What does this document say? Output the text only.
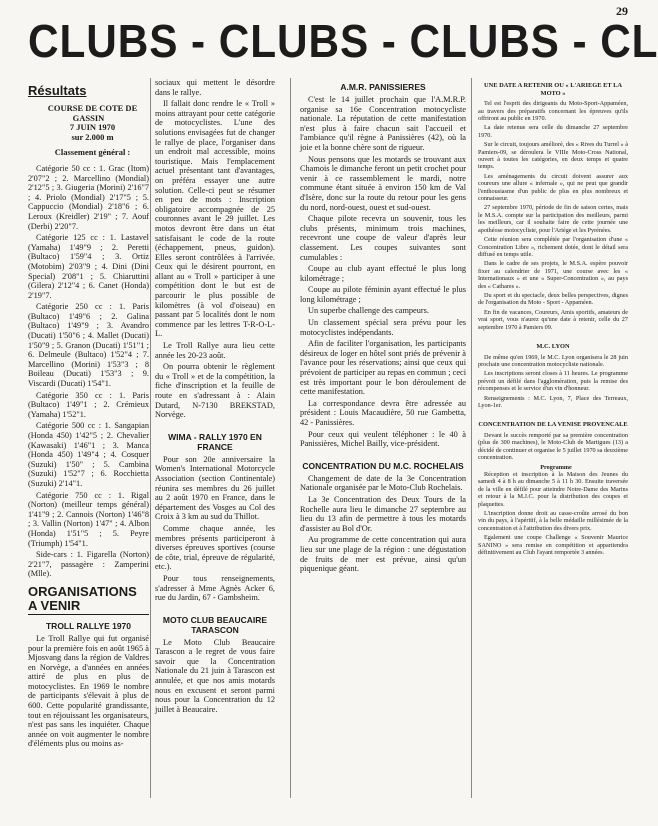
29
CLUBS - CLUBS - CLUBS - CL
Résultats

COURSE DE COTE DE GASSIN

7 JUIN 1970

sur 2.000 m

Classement général :

Catégorie 50 cc : 1. Grac (Itom) 2'07"2 ; 2. Marcellino (Mondial) 2'12"5 ; 3. Giugeria (Morini) 2'16"7 ; 4. Priolo (Mondial) 2'17"5 ; 5. Cappuccio (Mondial) 2'18"6 ; 6. Leroux (Kreidler) 2'19" ; 7. Aouf (Derbi) 2'20"7.

Catégorie 125 cc : 1. Lastavel (Yamaha) 1'49"9 ; 2. Peretti (Bultaco) 1'59"4 ; 3. Ortiz (Motobim) 2'03"9 ; 4. Dini (Dini Special) 2'08"1 ; 5. Chiaruttini (Gilera) 2'12"4 ; 6. Canet (Honda) 2'19"7.

Catégorie 250 cc : 1. Paris (Bultaco) 1'49"6 ; 2. Galina (Bultaco) 1'49"9 ; 3. Avandro (Ducati) 1'50"6 ; 4. Mallet (Ducati) 1'50"9 ; 5. Granon (Ducati) 1'51"1 ; 6. Delmeule (Bultaco) 1'52"4 ; 7. Marcellino (Morini) 1'53"3 ; 8 Boileau (Ducati) 1'53"3 ; 9. Viscardi (Ducati) 1'54"1.

Catégorie 350 cc : 1. Paris (Bultaco) 1'49"1 ; 2. Crémieux (Yamaha) 1'52"1.

Catégorie 500 cc : 1. Sangapian (Honda 450) 1'42"5 ; 2. Chevalier (Kawasaki) 1'46"1 ; 3. Manca (Honda 450) 1'49"4 ; 4. Cosquer (Suzuki) 1'50" ; 5. Cambina (Suzuki) 1'52"7 ; 6. Rocchietta (Suzuki) 2'14"1.

Catégorie 750 cc : 1. Rigal (Norton) (meilleur temps général) 1'41"9 ; 2. Cannois (Norton) 1'46"8 ; 3. Vallin (Norton) 1'47" ; 4. Albon (Honda) 1'51"5 ; 5. Peyre (Triumph) 1'54"1.

Side-cars : 1. Figarella (Norton) 2'21"7, passagère : Zamperini (Mlle).

ORGANISATIONS A VENIR
TROLL RALLYE 1970

Le Troll Rallye qui fut organisé pour la première fois en août 1965 à Mjosvang dans la région de Valdres en Norvège, a d'années en années attiré de plus en plus de motocyclistes. En 1969 le nombre de participants s'élevait à plus de 600. Cette popularité grandissante, tout en réjouissant les organisateurs, n'est pas sans les inquiéter. Chaque année on voit augmenter le nombre d'éléments plus ou moins as-

sociaux qui mettent le désordre dans le rallye.

Il fallait donc rendre le « Troll » moins attrayant pour cette catégorie de motocyclistes. L'une des solutions envisagées fut de changer le rallye de place, l'organiser dans un endroit mal accessible, moins touristique. Mais l'emplacement actuel présentant tant d'avantages, on préféra essayer une autre solution. Celle-ci peut se résumer en peu de mots : Inscription obligatoire accompagnée de 25 couronnes avant le 29 juillet. Les motos devront être dans un état satisfaisant le code de la route (échappement, pneus, guidon). Elles seront contrôlées à l'arrivée. Ceux qui le désirent pourront, en allant au « Troll » participer à une compétition dont le but est de parcourir le plus possible de kilomètres (à vol d'oiseau) en passant par 5 localités dont le nom commence par les lettres T-R-O-L-L.

Le Troll Rallye aura lieu cette année les 20-23 août.

On pourra obtenir le règlement du « Troll » et de la compétition, la fiche d'inscription et la feuille de route en s'adressant à : Alain Dutard, N-7130 BREKSTAD, Norvège.

WIMA - RALLY 1970 EN FRANCE

Pour son 20e anniversaire la Women's International Motorcycle Association (section Continentale) réunira ses membres du 26 juillet au 2 août 1970 en France, dans le département des Vosges au Col des Croix à 3 km au sud du Thillot.

Comme chaque année, les membres présents participeront à diverses épreuves sportives (course de côte, trial, épreuve de régularité, etc.).

Pour tous renseignements, s'adresser à Mme Agnès Acker 6, rue du Jardin, 67 - Gambsheim.

MOTO CLUB BEAUCAIRE TARASCON

Le Moto Club Beaucaire Tarascon a le regret de vous faire savoir que la Concentration Nationale du 21 juin à Tarascon est annulée, et que nos amis motards nous en excusent et seront parmi nous pour la Concentration du 12 juillet à Beaucaire.

A.M.R. PANISSIERES

C'est le 14 juillet prochain que l'A.M.R.P. organise sa 16e Concentration motocycliste nationale. La réputation de cette manifestation n'est plus à faire chacun sait l'accueil et l'ambiance qu'il règne à Panissières (42), où la joie et la bonne chère sont de rigueur.

Nous pensons que les motards se trouvant aux Chamois le dimanche feront un petit crochet pour venir à ce rassemblement le mardi, notre commune étant située à environ 150 km de Val d'Isère, donc sur la route du retour pour les gens du nord, nord-ouest, ouest et sud-ouest.

Chaque pilote recevra un souvenir, tous les clubs présents, minimum trois machines, recevront une coupe de valeur d'après leur classement. Les coupes suivantes sont cumulables :

Coupe au club ayant effectué le plus long kilométrage ;

Coupe au pilote féminin ayant effectué le plus long kilométrage ;

Un superbe challenge des campeurs.

Un classement spécial sera prévu pour les motocyclistes indépendants.

Afin de faciliter l'organisation, les participants désireux de loger en hôtel sont priés de prévenir à l'avance pour les réservations; ainsi que ceux qui prévoient de participer au repas en commun ; ceci est très important pour le bon déroulement de cette manifestation.

La correspondance devra être adressée au président : Louis Macaudière, 50 rue Gambetta, 42 - Panissières.

Pour ceux qui veulent téléphoner : le 40 à Panissières, Michel Bailly, vice-président.

CONCENTRATION DU M.C. ROCHELAIS

Changement de date de la 3e Concentration Nationale organisée par le Moto-Club Rochelais.

La 3e Concentration des Deux Tours de la Rochelle aura lieu le dimanche 27 septembre au lieu du 13 afin de permettre à tous les motards d'assister au Bol d'Or.

Au programme de cette concentration qui aura lieu sur une plage de la région : une dégustation de fruits de mer est prévue, ainsi qu'un piquenique géant.

UNE DATE A RETENIR OU « L'ARIEGE ET LA MOTO »

Tel est l'esprit des dirigeants du Moto-Sport-Appaméen, au travers des préparatifs concernant les épreuves qu'ils offriront au public en 1970.

La date retenue sera celle du dimanche 27 septembre 1970.

Sur le circuit, toujours amélioré, des « Rives du Turrel » à Pamiers-09, se déroulera le VIIIe Moto-Cross National, ouvert à toutes les catégories, en deux temps et quatre temps.

Les aménagements du circuit doivent assurer aux coureurs une allure « infernale », qui ne peut que grandir l'enthousiasme d'un public de plus en plus nombreux et connaisseur.

27 septembre 1970, période de fin de saison certes, mais le M.S.A. compte sur la participation des meilleurs, parmi les meilleurs, car il souhaite faire de cette journée une apothéose motocycliste, pour l'Ariège et les Pyrénées.

Cette réunion sera complétée par l'organisation d'une « Concentration Libre », richement dotée, dont le détail sera diffusé en temps utile.

Dans le cadre de ses projets, le M.S.A. espère pouvoir fixer au calendrier de 1971, une course avec les « Internationaux » et une « Super-Concentration », au pays des « Cathares ».

Du sport et du spectacle, deux belles perspectives, dignes de l'organisation du Moto - Sport - Appaméen.

En fin de vacances, Coureurs, Amis sportifs, amateurs de vrai sport, vous n'aurez qu'une date à retenir, celle du 27 septembre 1970 à Pamiers 09.

M.C. LYON

De même qu'en 1969, le M.C. Lyon organisera le 28 juin prochain une concentration motocycliste nationale.

Les inscriptions seront closes à 11 heures. Le programme prévoit un défilé dans l'agglomération, puis la remise des récompenses et le service d'un vin d'honneur.

Renseignements : M.C. Lyon, 7, Place des Terreaux, Lyon-1er.

CONCENTRATION DE LA VENISE PROVENCALE

Devant le succès remporté par sa première concentration (plus de 300 machines), le Moto-Club de Martigues (13) a décidé de continuer et organise le 5 juillet 1970 sa deuxième concentration.

Programme

Réception et inscription à la Maison des Jeunes du samedi 4 à 8 h au dimanche 5 à 11 h 30. Ensuite traversée de la ville en défilé pour atteindre Notre-Dame des Marins et retour à la M.J.C. pour la distribution des coupes et plaquettes.

L'inscription donne droit au casse-croûte arrosé du bon vin du pays, à l'apéritif, à la belle médaille millésimée de la concentration et à l'attribution des divers prix.

Egalement une coupe Challenge « Souvenir Maurice SANINO » sera remise en compétition et appartiendra définitivement au Club l'ayant remportée 3 années.
